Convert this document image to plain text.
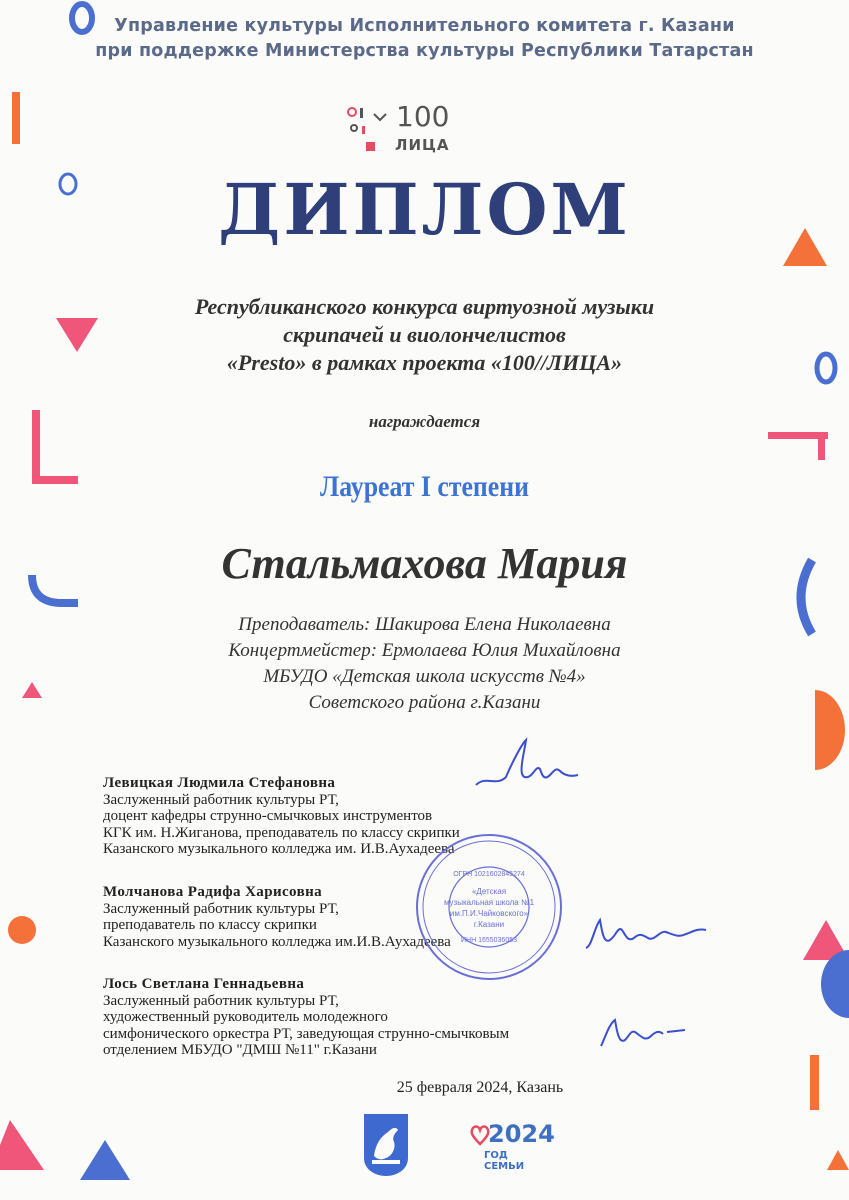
Управление культуры Исполнительного комитета г. Казани
при поддержке Министерства культуры Республики Татарстан
100
ЛИЦА
ДИПЛОМ
Республиканского конкурса виртуозной музыки
скрипачей и виолончелистов
«Presto» в рамках проекта «100//ЛИЦА»
награждается
Лауреат I степени
Стальмахова Мария
Преподаватель: Шакирова Елена Николаевна
Концертмейстер: Ермолаева Юлия Михайловна
МБУДО «Детская школа искусств №4»
Советского района г.Казани
Левицкая Людмила Стефановна
Заслуженный работник культуры РТ,
доцент кафедры струнно-смычковых инструментов
КГК им. Н.Жиганова, преподаватель по классу скрипки
Казанского музыкального колледжа им. И.В.Аухадеева
Молчанова Радифа Харисовна
Заслуженный работник культуры РТ,
преподаватель по классу скрипки
Казанского музыкального колледжа им.И.В.Аухадеева
Лось Светлана Геннадьевна
Заслуженный работник культуры РТ,
художественный руководитель молодежного
симфонического оркестра РТ, заведующая струнно-смычковым
отделением МБУДО "ДМШ №11" г.Казани
«Детская
музыкальная школа №1
им.П.И.Чайковского»
г.Казани
ОГРН 1021602845274
ИНН 1655036053
25 февраля 2024, Казань
2024
ГОД СЕМЬИ
